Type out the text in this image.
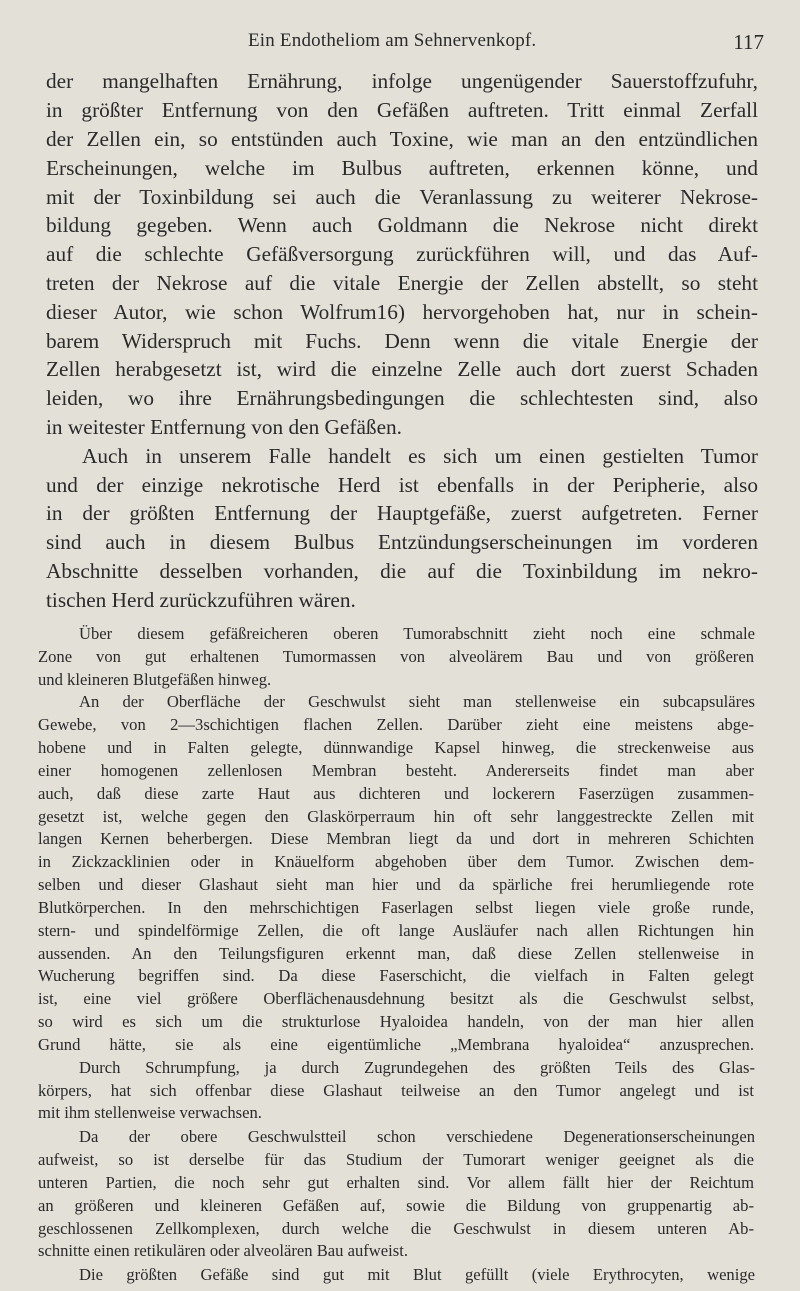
Ein Endotheliom am Sehnervenkopf.	117

der mangelhaften Ernährung, infolge ungenügender Sauerstoffzufuhr,

in größter Entfernung von den Gefäßen auftreten. Tritt einmal Zerfall

der Zellen ein, so entstünden auch Toxine, wie man an den entzündlichen

Erscheinungen, welche im Bulbus auftreten, erkennen könne, und

mit der Toxinbildung sei auch die Veranlassung zu weiterer Nekrose-

bildung gegeben. Wenn auch Goldmann die Nekrose nicht direkt

auf die schlechte Gefäßversorgung zurückführen will, und das Auf-

treten der Nekrose auf die vitale Energie der Zellen abstellt, so steht

dieser Autor, wie schon Wolfrum16) hervorgehoben hat, nur in schein-

barem Widerspruch mit Fuchs. Denn wenn die vitale Energie der

Zellen herabgesetzt ist, wird die einzelne Zelle auch dort zuerst Schaden

leiden, wo ihre Ernährungsbedingungen die schlechtesten sind, also

in weitester Entfernung von den Gefäßen.

Auch in unserem Falle handelt es sich um einen gestielten Tumor

und der einzige nekrotische Herd ist ebenfalls in der Peripherie, also

in der größten Entfernung der Hauptgefäße, zuerst aufgetreten. Ferner

sind auch in diesem Bulbus Entzündungserscheinungen im vorderen

Abschnitte desselben vorhanden, die auf die Toxinbildung im nekro-

tischen Herd zurückzuführen wären.

Über diesem gefäßreicheren oberen Tumorabschnitt zieht noch eine schmale

Zone von gut erhaltenen Tumormassen von alveolärem Bau und von größeren

und kleineren Blutgefäßen hinweg.

An der Oberfläche der Geschwulst sieht man stellenweise ein subcapsuläres

Gewebe, von 2—3schichtigen flachen Zellen. Darüber zieht eine meistens abge-

hobene und in Falten gelegte, dünnwandige Kapsel hinweg, die streckenweise aus

einer homogenen zellenlosen Membran besteht. Andererseits findet man aber

auch, daß diese zarte Haut aus dichteren und lockerern Faserzügen zusammen-

gesetzt ist, welche gegen den Glaskörperraum hin oft sehr langgestreckte Zellen mit

langen Kernen beherbergen. Diese Membran liegt da und dort in mehreren Schichten

in Zickzacklinien oder in Knäuelform abgehoben über dem Tumor. Zwischen dem-

selben und dieser Glashaut sieht man hier und da spärliche frei herumliegende rote

Blutkörperchen. In den mehrschichtigen Faserlagen selbst liegen viele große runde,

stern- und spindelförmige Zellen, die oft lange Ausläufer nach allen Richtungen hin

aussenden. An den Teilungsfiguren erkennt man, daß diese Zellen stellenweise in

Wucherung begriffen sind. Da diese Faserschicht, die vielfach in Falten gelegt

ist, eine viel größere Oberflächenausdehnung besitzt als die Geschwulst selbst,

so wird es sich um die strukturlose Hyaloidea handeln, von der man hier allen

Grund hätte, sie als eine eigentümliche „Membrana hyaloidea“ anzusprechen.

Durch Schrumpfung, ja durch Zugrundegehen des größten Teils des Glas-

körpers, hat sich offenbar diese Glashaut teilweise an den Tumor angelegt und ist

mit ihm stellenweise verwachsen.

Da der obere Geschwulstteil schon verschiedene Degenerationserscheinungen

aufweist, so ist derselbe für das Studium der Tumorart weniger geeignet als die

unteren Partien, die noch sehr gut erhalten sind. Vor allem fällt hier der Reichtum

an größeren und kleineren Gefäßen auf, sowie die Bildung von gruppenartig ab-

geschlossenen Zellkomplexen, durch welche die Geschwulst in diesem unteren Ab-

schnitte einen retikulären oder alveolären Bau aufweist.

Die größten Gefäße sind gut mit Blut gefüllt (viele Erythrocyten, wenige
